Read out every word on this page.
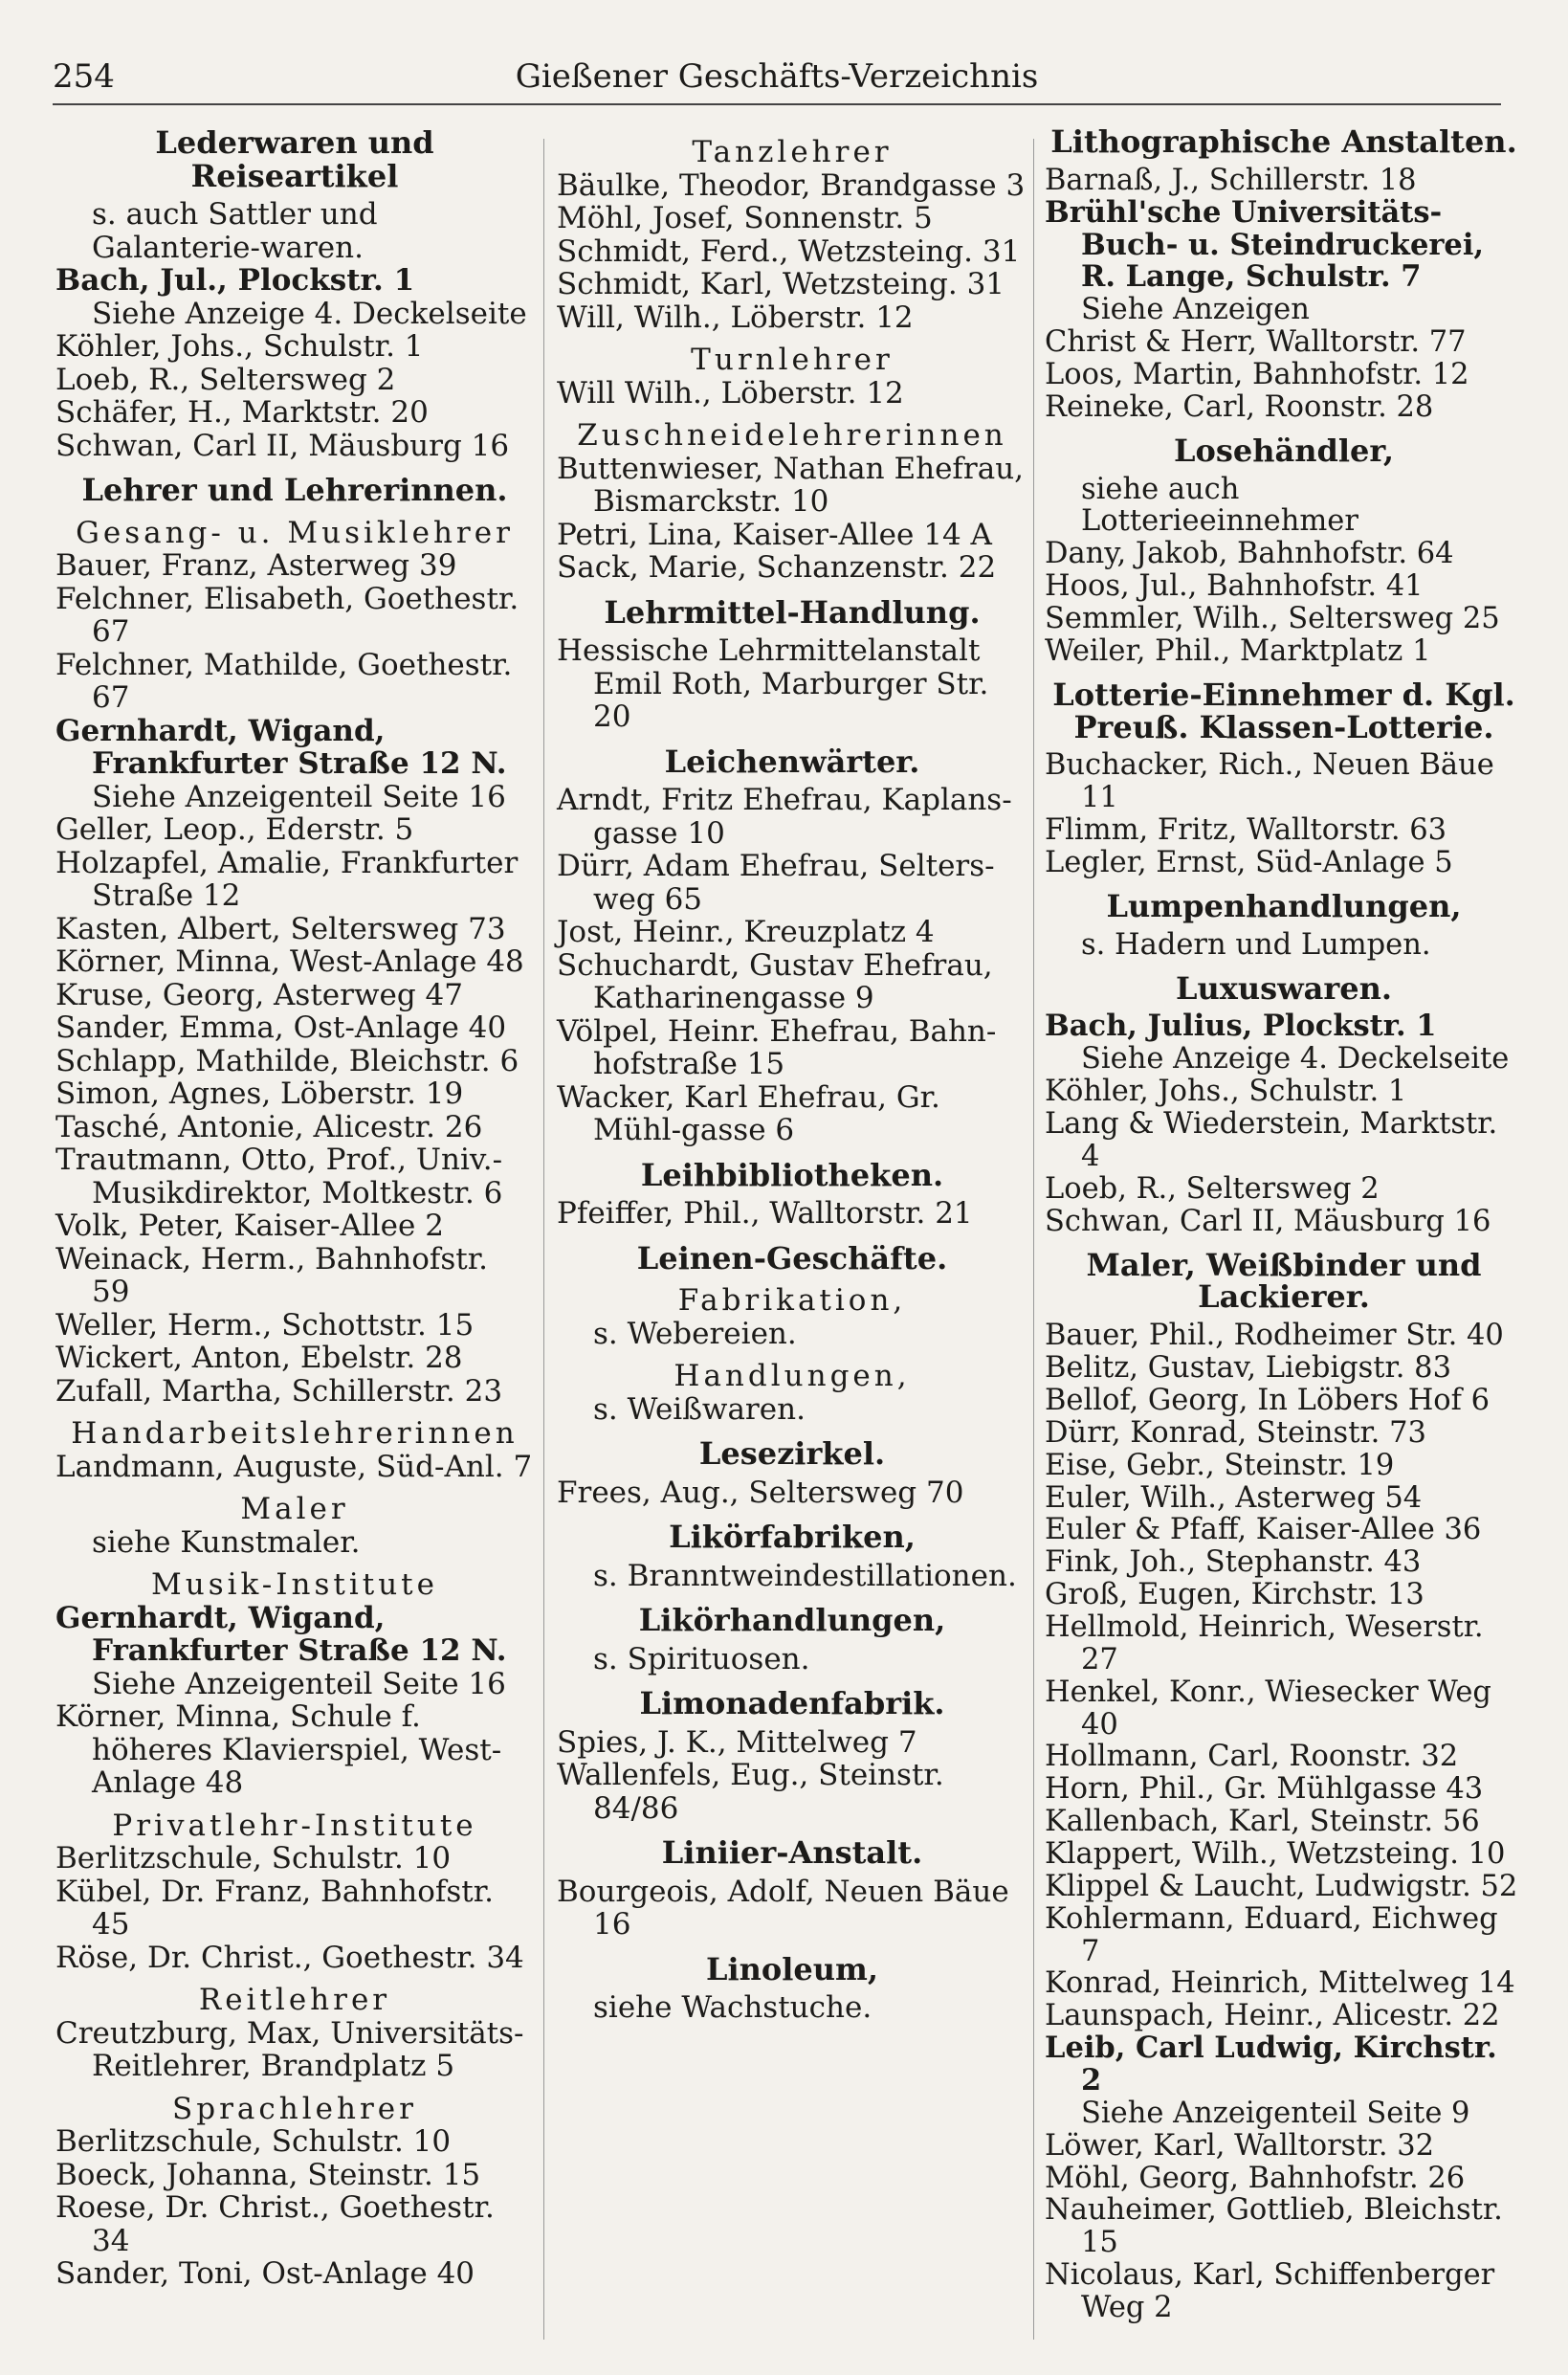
254	Gießener Geschäfts-Verzeichnis
Lederwaren und Reiseartikel
s. auch Sattler und Galanterie-waren.
Bach, Jul., Plockstr. 1
Siehe Anzeige 4. Deckelseite
Köhler, Johs., Schulstr. 1
Loeb, R., Seltersweg 2
Schäfer, H., Marktstr. 20
Schwan, Carl II, Mäusburg 16
Lehrer und Lehrerinnen.
Gesang- u. Musiklehrer
Bauer, Franz, Asterweg 39
Felchner, Elisabeth, Goethestr. 67
Felchner, Mathilde, Goethestr. 67
Gernhardt, Wigand, Frankfurter Straße 12 N.
Siehe Anzeigenteil Seite 16
Geller, Leop., Ederstr. 5
Holzapfel, Amalie, Frankfurter Straße 12
Kasten, Albert, Seltersweg 73
Körner, Minna, West-Anlage 48
Kruse, Georg, Asterweg 47
Sander, Emma, Ost-Anlage 40
Schlapp, Mathilde, Bleichstr. 6
Simon, Agnes, Löberstr. 19
Tasché, Antonie, Alicestr. 26
Trautmann, Otto, Prof., Univ.-Musikdirektor, Moltkestr. 6
Volk, Peter, Kaiser-Allee 2
Weinack, Herm., Bahnhofstr. 59
Weller, Herm., Schottstr. 15
Wickert, Anton, Ebelstr. 28
Zufall, Martha, Schillerstr. 23
Handarbeitslehrerinnen
Landmann, Auguste, Süd-Anl. 7
Maler
siehe Kunstmaler.
Musik-Institute
Gernhardt, Wigand, Frankfurter Straße 12 N.
Siehe Anzeigenteil Seite 16
Körner, Minna, Schule f. höheres Klavierspiel, West-Anlage 48
Privatlehr-Institute
Berlitzschule, Schulstr. 10
Kübel, Dr. Franz, Bahnhofstr. 45
Röse, Dr. Christ., Goethestr. 34
Reitlehrer
Creutzburg, Max, Universitäts-Reitlehrer, Brandplatz 5
Sprachlehrer
Berlitzschule, Schulstr. 10
Boeck, Johanna, Steinstr. 15
Roese, Dr. Christ., Goethestr. 34
Sander, Toni, Ost-Anlage 40
Tanzlehrer
Bäulke, Theodor, Brandgasse 3
Möhl, Josef, Sonnenstr. 5
Schmidt, Ferd., Wetzsteing. 31
Schmidt, Karl, Wetzsteing. 31
Will, Wilh., Löberstr. 12
Turnlehrer
Will Wilh., Löberstr. 12
Zuschneidelehrerinnen
Buttenwieser, Nathan Ehefrau, Bismarckstr. 10
Petri, Lina, Kaiser-Allee 14 A
Sack, Marie, Schanzenstr. 22
Lehrmittel-Handlung.
Hessische Lehrmittelanstalt Emil Roth, Marburger Str. 20
Leichenwärter.
Arndt, Fritz Ehefrau, Kaplans-gasse 10
Dürr, Adam Ehefrau, Selters-weg 65
Jost, Heinr., Kreuzplatz 4
Schuchardt, Gustav Ehefrau, Katharinengasse 9
Völpel, Heinr. Ehefrau, Bahn-hofstraße 15
Wacker, Karl Ehefrau, Gr. Mühl-gasse 6
Leihbibliotheken.
Pfeiffer, Phil., Walltorstr. 21
Leinen-Geschäfte.
Fabrikation,
s. Webereien.
Handlungen,
s. Weißwaren.
Lesezirkel.
Frees, Aug., Seltersweg 70
Likörfabriken,
s. Branntweindestillationen.
Likörhandlungen,
s. Spirituosen.
Limonadenfabrik.
Spies, J. K., Mittelweg 7
Wallenfels, Eug., Steinstr. 84/86
Liniier-Anstalt.
Bourgeois, Adolf, Neuen Bäue 16
Linoleum,
siehe Wachstuche.
Lithographische Anstalten.
Barnaß, J., Schillerstr. 18
Brühl'sche Universitäts-Buch- u. Steindruckerei, R. Lange, Schulstr. 7
Siehe Anzeigen
Christ & Herr, Walltorstr. 77
Loos, Martin, Bahnhofstr. 12
Reineke, Carl, Roonstr. 28
Losehändler,
siehe auch Lotterieeinnehmer
Dany, Jakob, Bahnhofstr. 64
Hoos, Jul., Bahnhofstr. 41
Semmler, Wilh., Seltersweg 25
Weiler, Phil., Marktplatz 1
Lotterie-Einnehmer d. Kgl. Preuß. Klassen-Lotterie.
Buchacker, Rich., Neuen Bäue 11
Flimm, Fritz, Walltorstr. 63
Legler, Ernst, Süd-Anlage 5
Lumpenhandlungen,
s. Hadern und Lumpen.
Luxuswaren.
Bach, Julius, Plockstr. 1
Siehe Anzeige 4. Deckelseite
Köhler, Johs., Schulstr. 1
Lang & Wiederstein, Marktstr. 4
Loeb, R., Seltersweg 2
Schwan, Carl II, Mäusburg 16
Maler, Weißbinder und Lackierer.
Bauer, Phil., Rodheimer Str. 40
Belitz, Gustav, Liebigstr. 83
Bellof, Georg, In Löbers Hof 6
Dürr, Konrad, Steinstr. 73
Eise, Gebr., Steinstr. 19
Euler, Wilh., Asterweg 54
Euler & Pfaff, Kaiser-Allee 36
Fink, Joh., Stephanstr. 43
Groß, Eugen, Kirchstr. 13
Hellmold, Heinrich, Weserstr. 27
Henkel, Konr., Wiesecker Weg 40
Hollmann, Carl, Roonstr. 32
Horn, Phil., Gr. Mühlgasse 43
Kallenbach, Karl, Steinstr. 56
Klappert, Wilh., Wetzsteing. 10
Klippel & Laucht, Ludwigstr. 52
Kohlermann, Eduard, Eichweg 7
Konrad, Heinrich, Mittelweg 14
Launspach, Heinr., Alicestr. 22
Leib, Carl Ludwig, Kirchstr. 2
Siehe Anzeigenteil Seite 9
Löwer, Karl, Walltorstr. 32
Möhl, Georg, Bahnhofstr. 26
Nauheimer, Gottlieb, Bleichstr. 15
Nicolaus, Karl, Schiffenberger Weg 2
